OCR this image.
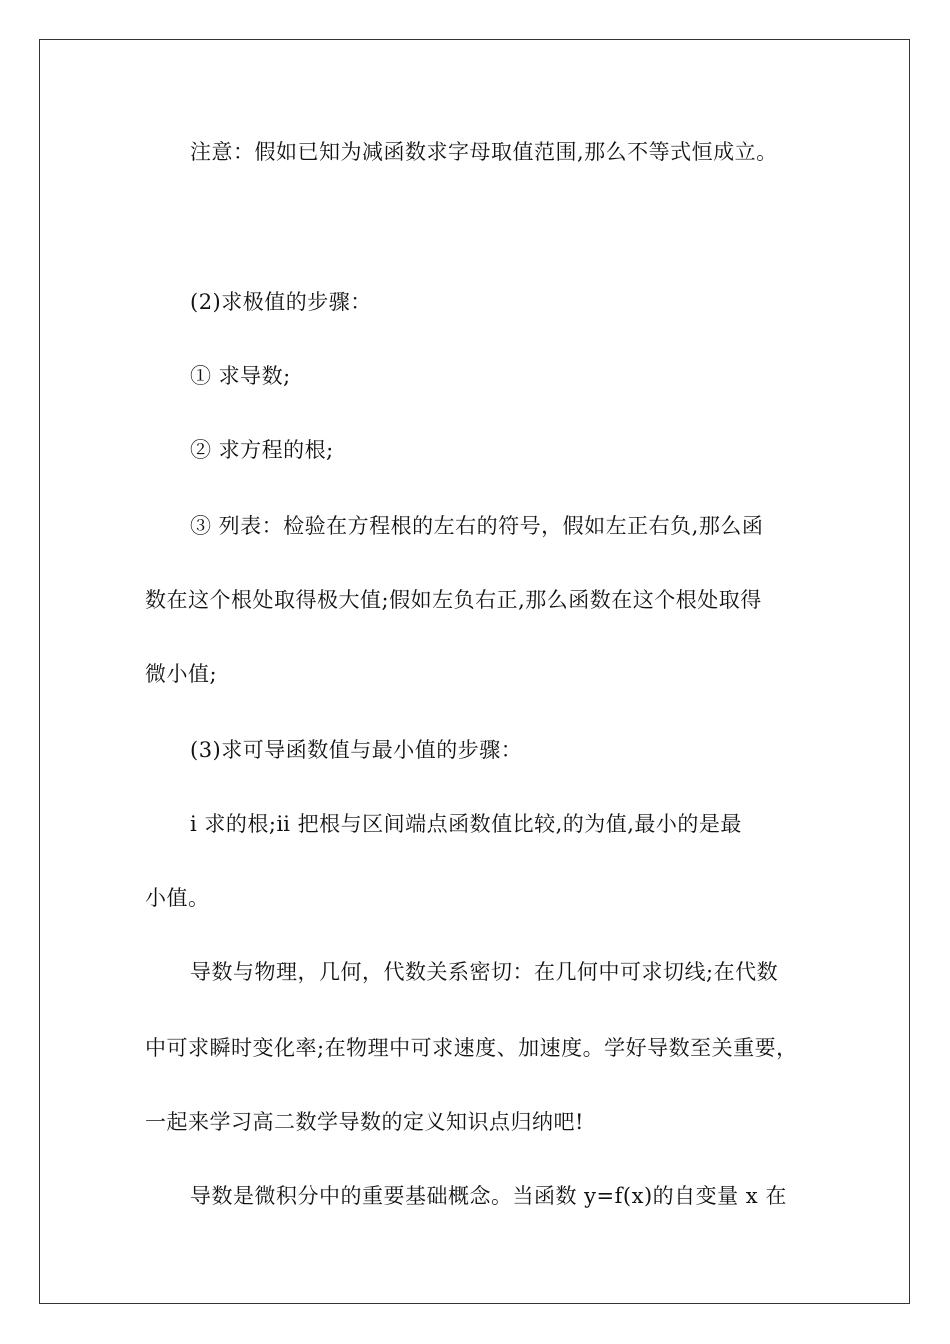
注意：假如已知为减函数求字母取值范围,那么不等式恒成立。
(2)求极值的步骤：
① 求导数;
② 求方程的根;
③ 列表：检验在方程根的左右的符号，假如左正右负,那么函
数在这个根处取得极大值;假如左负右正,那么函数在这个根处取得
微小值;
(3)求可导函数值与最小值的步骤：
ⅰ 求的根;ⅱ 把根与区间端点函数值比较,的为值,最小的是最
小值。
导数与物理，几何，代数关系密切：在几何中可求切线;在代数
中可求瞬时变化率;在物理中可求速度、加速度。学好导数至关重要，
一起来学习高二数学导数的定义知识点归纳吧!
导数是微积分中的重要基础概念。当函数 y=f(x)的自变量 x 在
